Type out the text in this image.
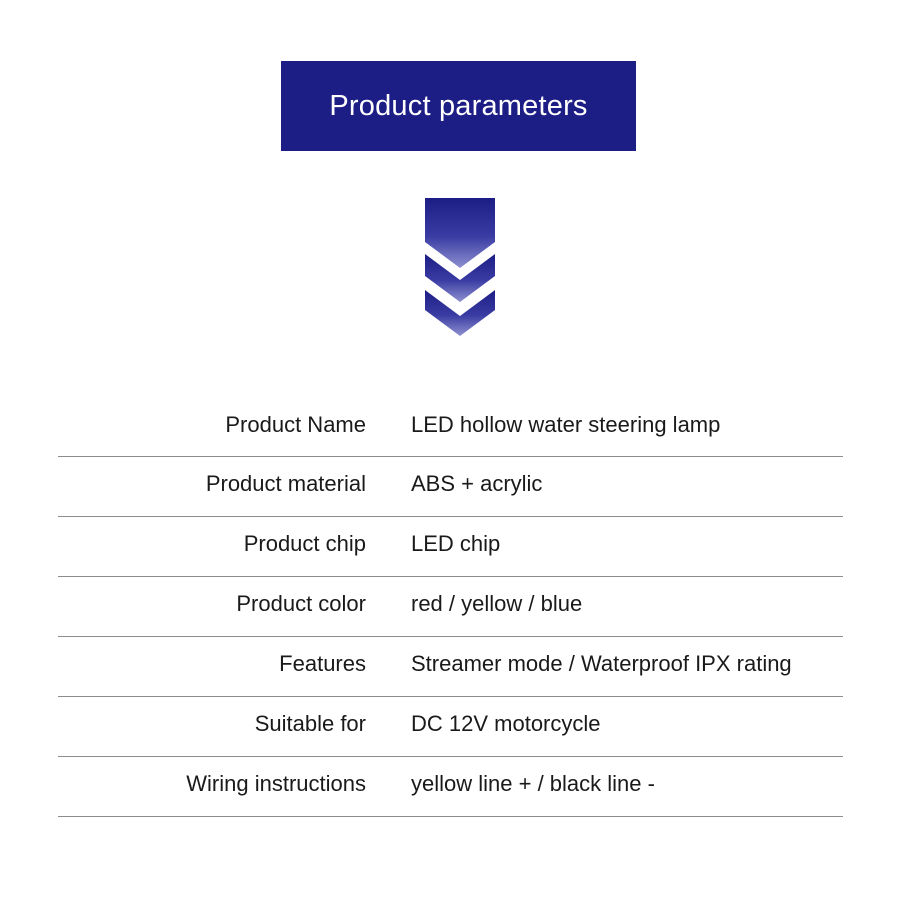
Product parameters
Product Name LED hollow water steering lamp
Product material ABS + acrylic
Product chip LED chip
Product color red / yellow / blue
Features Streamer mode / Waterproof IPX rating
Suitable for DC 12V motorcycle
Wiring instructions yellow line + / black line -
